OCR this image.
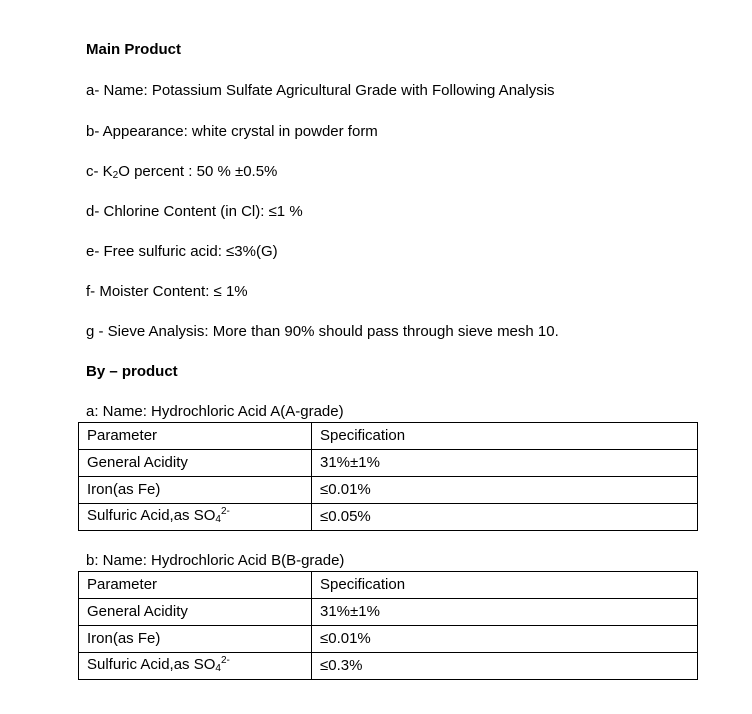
Main Product
a- Name: Potassium Sulfate Agricultural Grade with Following Analysis
b- Appearance: white crystal in powder form
c- K2O percent : 50 % ±0.5%
d- Chlorine Content (in Cl): ≤1 %
e- Free sulfuric acid: ≤3%(G)
f- Moister Content: ≤ 1%
g - Sieve Analysis: More than 90% should pass through sieve mesh 10.
By – product
a: Name: Hydrochloric Acid A(A-grade)
Parameter	Specification
General Acidity	31%±1%
Iron(as Fe)	≤0.01%
Sulfuric Acid,as $SO4^{2-}$	≤0.05%
b: Name: Hydrochloric Acid B(B-grade)
Parameter	Specification
General Acidity	31%±1%
Iron(as Fe)	≤0.01%
Sulfuric Acid,as $SO4^{2-}$	≤0.3%
